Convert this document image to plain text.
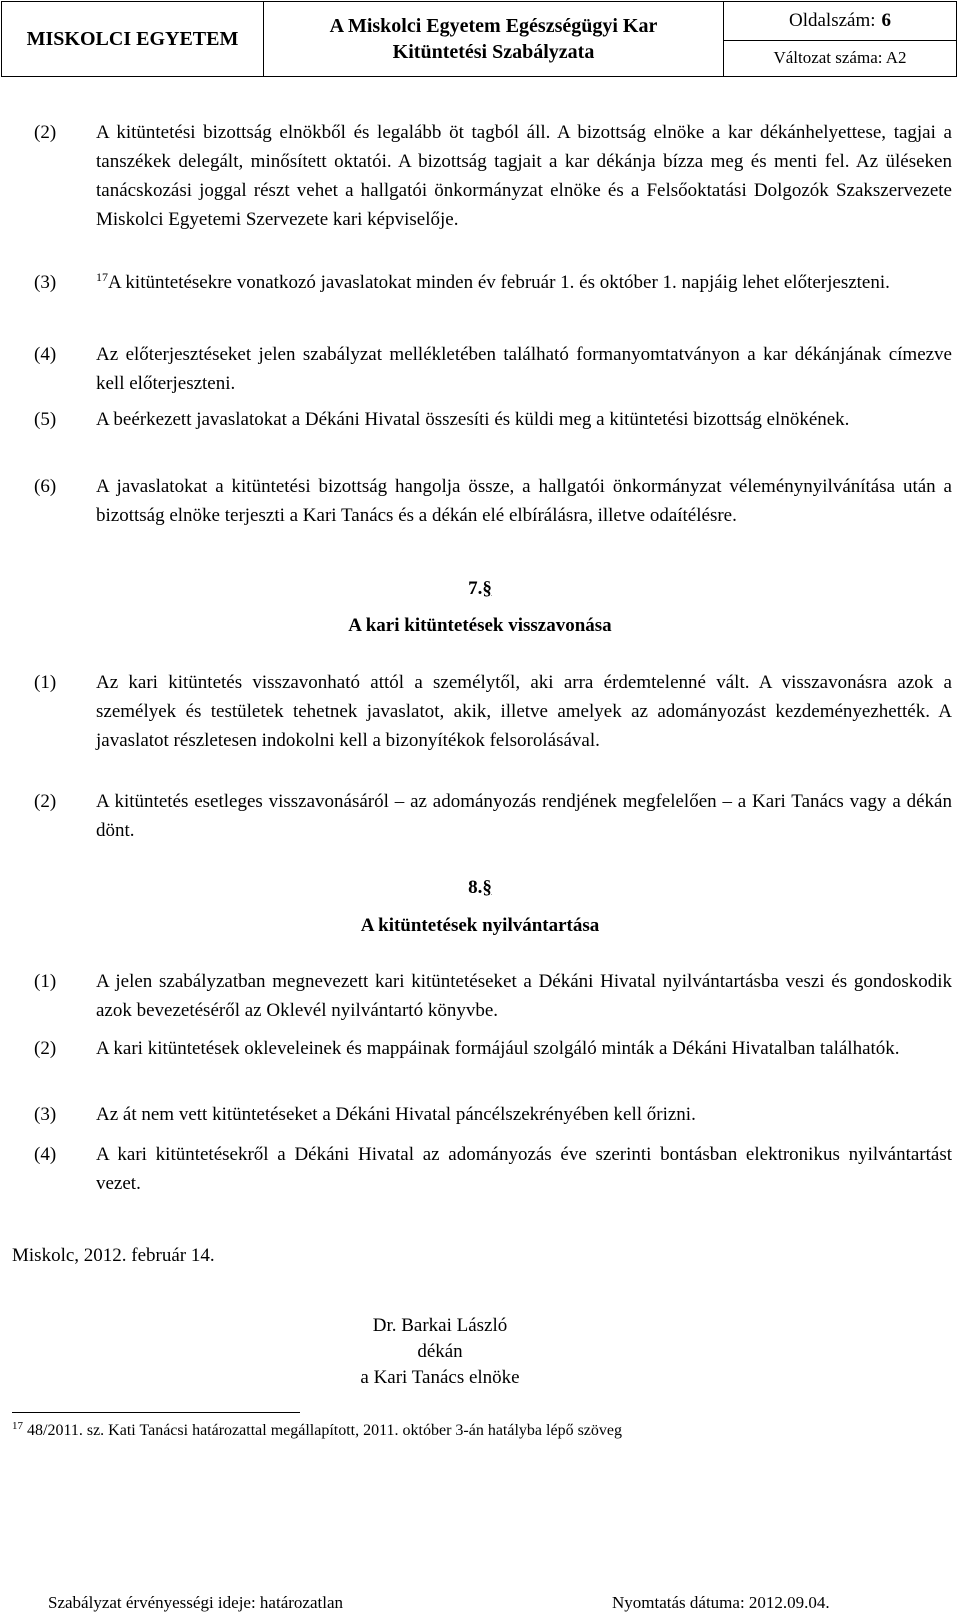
MISKOLCI EGYETEM
A Miskolci Egyetem Egészségügyi Kar
Kitüntetési Szabályzata
Oldalszám: 6
Változat száma: A2
(2) A kitüntetési bizottság elnökből és legalább öt tagból áll. A bizottság elnöke a kar dékánhelyettese, tagjai a tanszékek delegált, minősített oktatói. A bizottság tagjait a kar dékánja bízza meg és menti fel. Az üléseken tanácskozási joggal részt vehet a hallgatói önkormányzat elnöke és a Felsőoktatási Dolgozók Szakszervezete Miskolci Egyetemi Szervezete kari képviselője.
(3)	$^{17}$A kitüntetésekre vonatkozó javaslatokat minden év február 1. és október 1. napjáig lehet előterjeszteni.
(4) Az előterjesztéseket jelen szabályzat mellékletében található formanyomtatványon a kar dékánjának címezve kell előterjeszteni.
(5) A beérkezett javaslatokat a Dékáni Hivatal összesíti és küldi meg a kitüntetési bizottság elnökének.
(6) A javaslatokat a kitüntetési bizottság hangolja össze, a hallgatói önkormányzat véleménynyilvánítása után a bizottság elnöke terjeszti a Kari Tanács és a dékán elé elbírálásra, illetve odaítélésre.
7.§
A kari kitüntetések visszavonása
(1) Az kari kitüntetés visszavonható attól a személytől, aki arra érdemtelenné vált. A visszavonásra azok a személyek és testületek tehetnek javaslatot, akik, illetve amelyek az adományozást kezdeményezhették. A javaslatot részletesen indokolni kell a bizonyítékok felsorolásával.
(2) A kitüntetés esetleges visszavonásáról – az adományozás rendjének megfelelően – a Kari Tanács vagy a dékán dönt.
8.§
A kitüntetések nyilvántartása
(1) A jelen szabályzatban megnevezett kari kitüntetéseket a Dékáni Hivatal nyilvántartásba veszi és gondoskodik azok bevezetéséről az Oklevél nyilvántartó könyvbe.
(2) A kari kitüntetések okleveleinek és mappáinak formájául szolgáló minták a Dékáni Hivatalban találhatók.
(3) Az át nem vett kitüntetéseket a Dékáni Hivatal páncélszekrényében kell őrizni.
(4) A kari kitüntetésekről a Dékáni Hivatal az adományozás éve szerinti bontásban elektronikus nyilvántartást vezet.
Miskolc, 2012. február 14.
Dr. Barkai László
dékán
a Kari Tanács elnöke
$^{17}$ 48/2011. sz. Kati Tanácsi határozattal megállapított, 2011. október 3-án hatályba lépő szöveg
Szabályzat érvényességi ideje: határozatlan	Nyomtatás dátuma: 2012.09.04.
